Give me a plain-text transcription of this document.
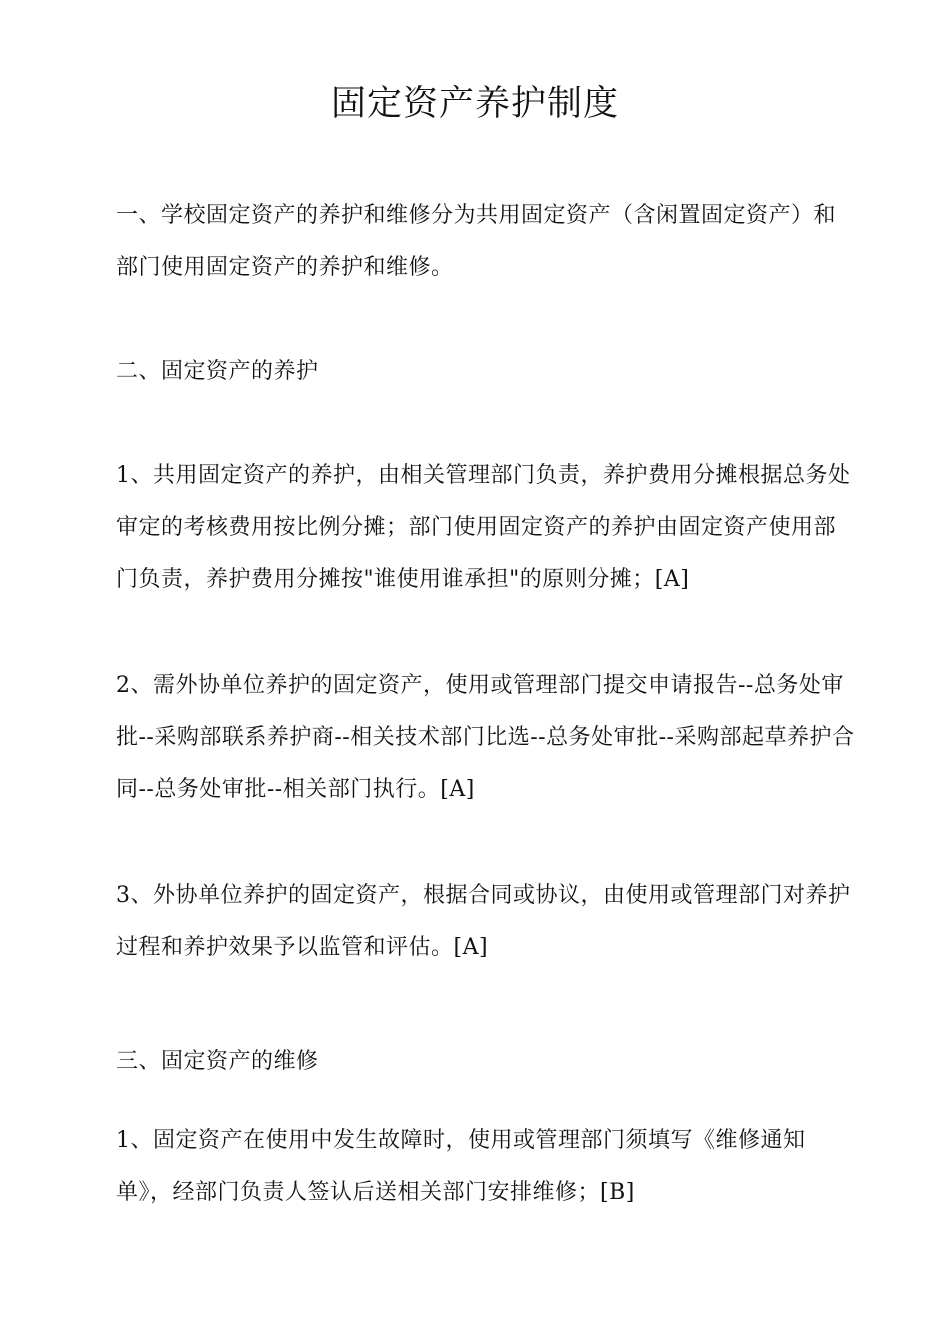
固定资产养护制度

一、学校固定资产的养护和维修分为共用固定资产（含闲置固定资产）和部门使用固定资产的养护和维修。

二、固定资产的养护

1、共用固定资产的养护，由相关管理部门负责，养护费用分摊根据总务处审定的考核费用按比例分摊；部门使用固定资产的养护由固定资产使用部门负责，养护费用分摊按"谁使用谁承担"的原则分摊；[A]

2、需外协单位养护的固定资产，使用或管理部门提交申请报告--总务处审批--采购部联系养护商--相关技术部门比选--总务处审批--采购部起草养护合同--总务处审批--相关部门执行。[A]

3、外协单位养护的固定资产，根据合同或协议，由使用或管理部门对养护过程和养护效果予以监管和评估。[A]

三、固定资产的维修

1、固定资产在使用中发生故障时，使用或管理部门须填写《维修通知单》，经部门负责人签认后送相关部门安排维修；[B]
